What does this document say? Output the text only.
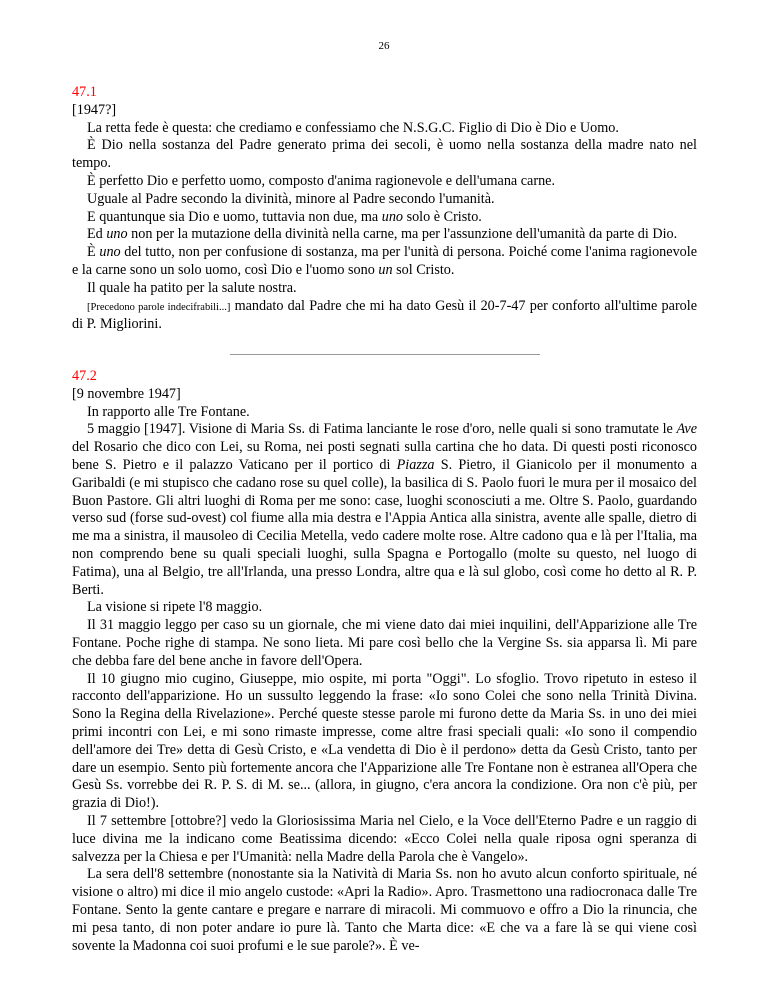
26
47.1
[1947?]
La retta fede è questa: che crediamo e confessiamo che N.S.G.C. Figlio di Dio è Dio e Uomo.
È Dio nella sostanza del Padre generato prima dei secoli, è uomo nella sostanza della madre nato nel tempo.
È perfetto Dio e perfetto uomo, composto d'anima ragionevole e dell'umana carne.
Uguale al Padre secondo la divinità, minore al Padre secondo l'umanità.
E quantunque sia Dio e uomo, tuttavia non due, ma uno solo è Cristo.
Ed uno non per la mutazione della divinità nella carne, ma per l'assunzione dell'umanità da parte di Dio.
È uno del tutto, non per confusione di sostanza, ma per l'unità di persona. Poiché come l'anima ragionevole e la carne sono un solo uomo, così Dio e l'uomo sono un sol Cristo.
Il quale ha patito per la salute nostra.
[Precedono parole indecifrabili...] mandato dal Padre che mi ha dato Gesù il 20-7-47 per conforto all'ultime parole di P. Migliorini.
47.2
[9 novembre 1947]
In rapporto alle Tre Fontane.
5 maggio [1947]. Visione di Maria Ss. di Fatima lanciante le rose d'oro, nelle quali si sono tramutate le Ave del Rosario che dico con Lei, su Roma, nei posti segnati sulla cartina che ho data. Di questi posti riconosco bene S. Pietro e il palazzo Vaticano per il portico di Piazza S. Pietro, il Gianicolo per il monumento a Garibaldi (e mi stupisco che cadano rose su quel colle), la basilica di S. Paolo fuori le mura per il mosaico del Buon Pastore. Gli altri luoghi di Roma per me sono: case, luoghi sconosciuti a me. Oltre S. Paolo, guardando verso sud (forse sud-ovest) col fiume alla mia destra e l'Appia Antica alla sinistra, avente alle spalle, dietro di me ma a sinistra, il mausoleo di Cecilia Metella, vedo cadere molte rose. Altre cadono qua e là per l'Italia, ma non comprendo bene su quali speciali luoghi, sulla Spagna e Portogallo (molte su questo, nel luogo di Fatima), una al Belgio, tre all'Irlanda, una presso Londra, altre qua e là sul globo, così come ho detto al R. P. Berti.
La visione si ripete l'8 maggio.
Il 31 maggio leggo per caso su un giornale, che mi viene dato dai miei inquilini, dell'Apparizione alle Tre Fontane. Poche righe di stampa. Ne sono lieta. Mi pare così bello che la Vergine Ss. sia apparsa lì. Mi pare che debba fare del bene anche in favore dell'Opera.
Il 10 giugno mio cugino, Giuseppe, mio ospite, mi porta "Oggi". Lo sfoglio. Trovo ripetuto in esteso il racconto dell'apparizione. Ho un sussulto leggendo la frase: «Io sono Colei che sono nella Trinità Divina. Sono la Regina della Rivelazione». Perché queste stesse parole mi furono dette da Maria Ss. in uno dei miei primi incontri con Lei, e mi sono rimaste impresse, come altre frasi speciali quali: «Io sono il compendio dell'amore dei Tre» detta di Gesù Cristo, e «La vendetta di Dio è il perdono» detta da Gesù Cristo, tanto per dare un esempio. Sento più fortemente ancora che l'Apparizione alle Tre Fontane non è estranea all'Opera che Gesù Ss. vorrebbe dei R. P. S. di M. se... (allora, in giugno, c'era ancora la condizione. Ora non c'è più, per grazia di Dio!).
Il 7 settembre [ottobre?] vedo la Gloriosissima Maria nel Cielo, e la Voce dell'Eterno Padre e un raggio di luce divina me la indicano come Beatissima dicendo: «Ecco Colei nella quale riposa ogni speranza di salvezza per la Chiesa e per l'Umanità: nella Madre della Parola che è Vangelo».
La sera dell'8 settembre (nonostante sia la Natività di Maria Ss. non ho avuto alcun conforto spirituale, né visione o altro) mi dice il mio angelo custode: «Apri la Radio». Apro. Trasmettono una radiocronaca dalle Tre Fontane. Sento la gente cantare e pregare e narrare di miracoli. Mi commuovo e offro a Dio la rinuncia, che mi pesa tanto, di non poter andare io pure là. Tanto che Marta dice: «E che va a fare là se qui viene così sovente la Madonna coi suoi profumi e le sue parole?». È ve-
